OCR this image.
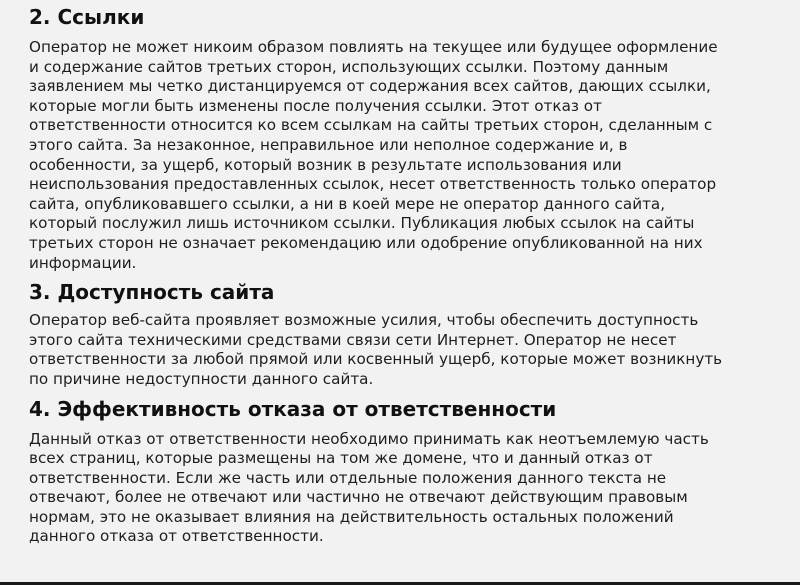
2. Ссылки

Оператор не может никоим образом повлиять на текущее или будущее оформление
и содержание сайтов третьих сторон, использующих ссылки. Поэтому данным
заявлением мы четко дистанцируемся от содержания всех сайтов, дающих ссылки,
которые могли быть изменены после получения ссылки. Этот отказ от
ответственности относится ко всем ссылкам на сайты третьих сторон, сделанным с
этого сайта. За незаконное, неправильное или неполное содержание и, в
особенности, за ущерб, который возник в результате использования или
неиспользования предоставленных ссылок, несет ответственность только оператор
сайта, опубликовавшего ссылки, а ни в коей мере не оператор данного сайта,
который послужил лишь источником ссылки. Публикация любых ссылок на сайты
третьих сторон не означает рекомендацию или одобрение опубликованной на них
информации.

3. Доступность сайта

Оператор веб-сайта проявляет возможные усилия, чтобы обеспечить доступность
этого сайта техническими средствами связи сети Интернет. Оператор не несет
ответственности за любой прямой или косвенный ущерб, которые может возникнуть
по причине недоступности данного сайта.

4. Эффективность отказа от ответственности

Данный отказ от ответственности необходимо принимать как неотъемлемую часть
всех страниц, которые размещены на том же домене, что и данный отказ от
ответственности. Если же часть или отдельные положения данного текста не
отвечают, более не отвечают или частично не отвечают действующим правовым
нормам, это не оказывает влияния на действительность остальных положений
данного отказа от ответственности.
